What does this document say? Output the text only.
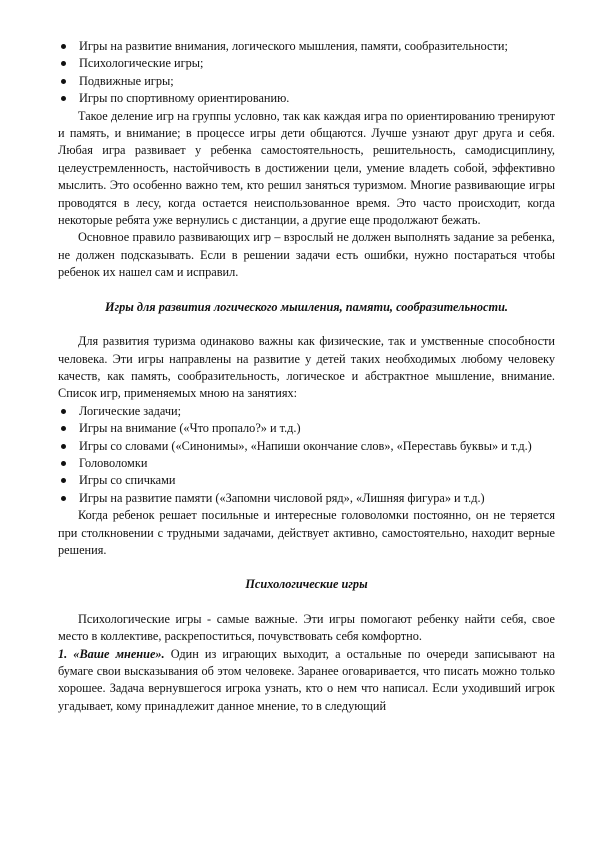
Игры на развитие внимания, логического мышления, памяти, сообразительности;
Психологические игры;
Подвижные игры;
Игры по спортивному ориентированию.

Такое деление игр на группы условно, так как каждая игра по ориентированию тренируют и память, и внимание; в процессе игры дети общаются. Лучше узнают друг друга и себя. Любая игра развивает у ребенка самостоятельность, решительность, самодисциплину, целеустремленность, настойчивость в достижении цели, умение владеть собой, эффективно мыслить. Это особенно важно тем, кто решил заняться туризмом. Многие развивающие игры проводятся в лесу, когда остается неиспользованное время. Это часто происходит, когда некоторые ребята уже вернулись с дистанции, а другие еще продолжают бежать.

Основное правило развивающих игр – взрослый не должен выполнять задание за ребенка, не должен подсказывать. Если в решении задачи есть ошибки, нужно постараться чтобы ребенок их нашел сам и исправил.

Игры для развития логического мышления, памяти, сообразительности.

Для развития туризма одинаково важны как физические, так и умственные способности человека. Эти игры направлены на развитие у детей таких необходимых любому человеку качеств, как память, сообразительность, логическое и абстрактное мышление, внимание. Список игр, применяемых мною на занятиях:

Логические задачи;
Игры на внимание («Что пропало?» и т.д.)
Игры со словами («Синонимы», «Напиши окончание слов», «Переставь буквы» и т.д.)
Головоломки
Игры со спичками
Игры на развитие памяти («Запомни числовой ряд», «Лишняя фигура» и т.д.)

Когда ребенок решает посильные и интересные головоломки постоянно, он не теряется при столкновении с трудными задачами, действует активно, самостоятельно, находит верные решения.

Психологические игры

Психологические игры - самые важные. Эти игры помогают ребенку найти себя, свое место в коллективе, раскрепоститься, почувствовать себя комфортно.

1. «Ваше мнение». Один из играющих выходит, а остальные по очереди записывают на бумаге свои высказывания об этом человеке. Заранее оговаривается, что писать можно только хорошее. Задача вернувшегося игрока узнать, кто о нем что написал. Если уходивший игрок угадывает, кому принадлежит данное мнение, то в следующий
